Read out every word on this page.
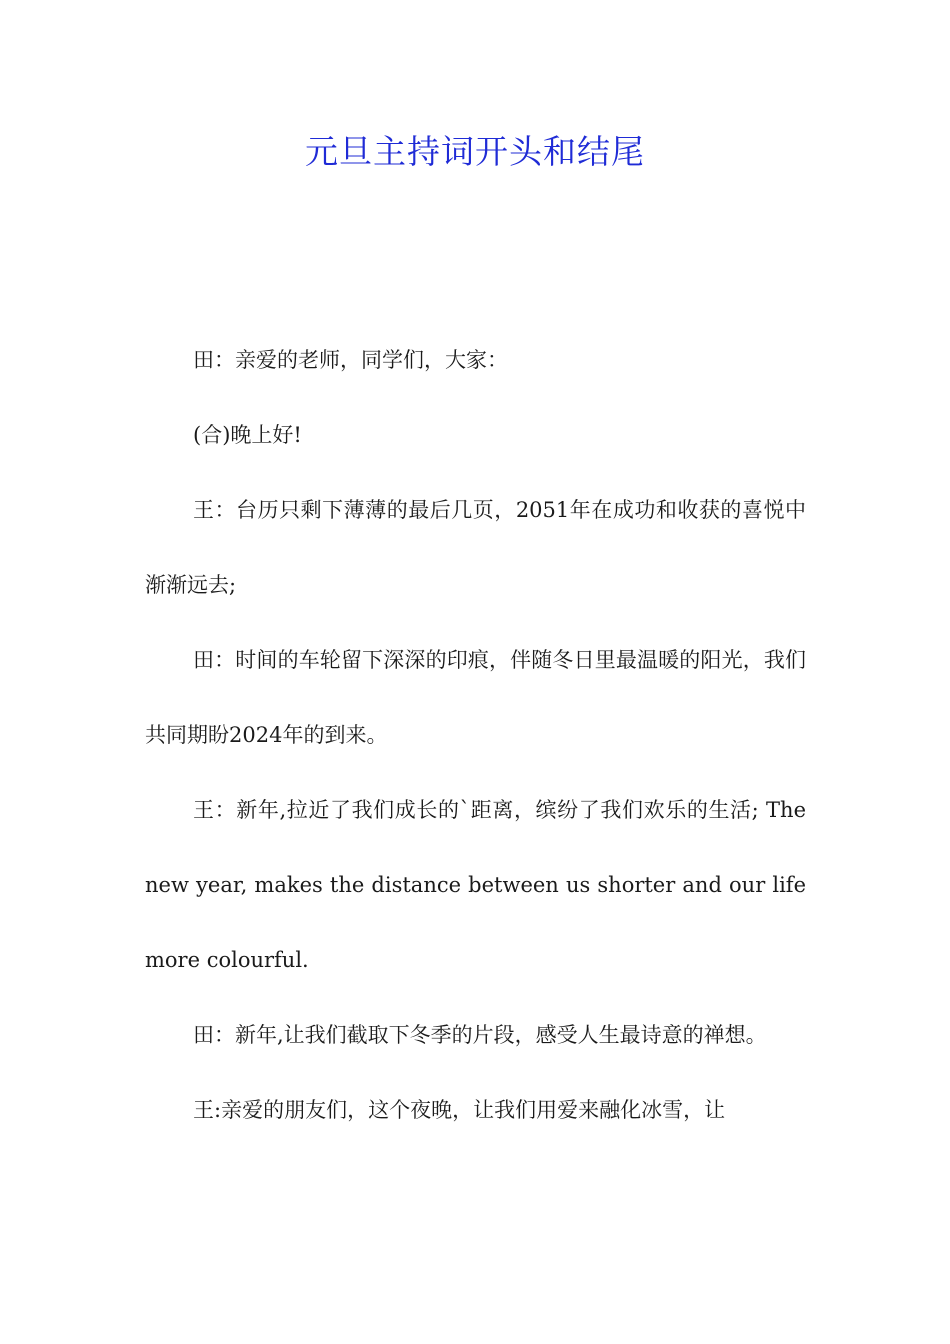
元旦主持词开头和结尾

田：亲爱的老师，同学们，大家：

(合)晚上好!

王：台历只剩下薄薄的最后几页，2051年在成功和收获的喜悦中渐渐远去;

田：时间的车轮留下深深的印痕，伴随冬日里最温暖的阳光，我们共同期盼2024年的到来。

王：新年,拉近了我们成长的`距离，缤纷了我们欢乐的生活; The new year, makes the distance between us shorter and our life more colourful.

田：新年,让我们截取下冬季的片段，感受人生最诗意的禅想。

王:亲爱的朋友们，这个夜晚，让我们用爱来融化冰雪，让
